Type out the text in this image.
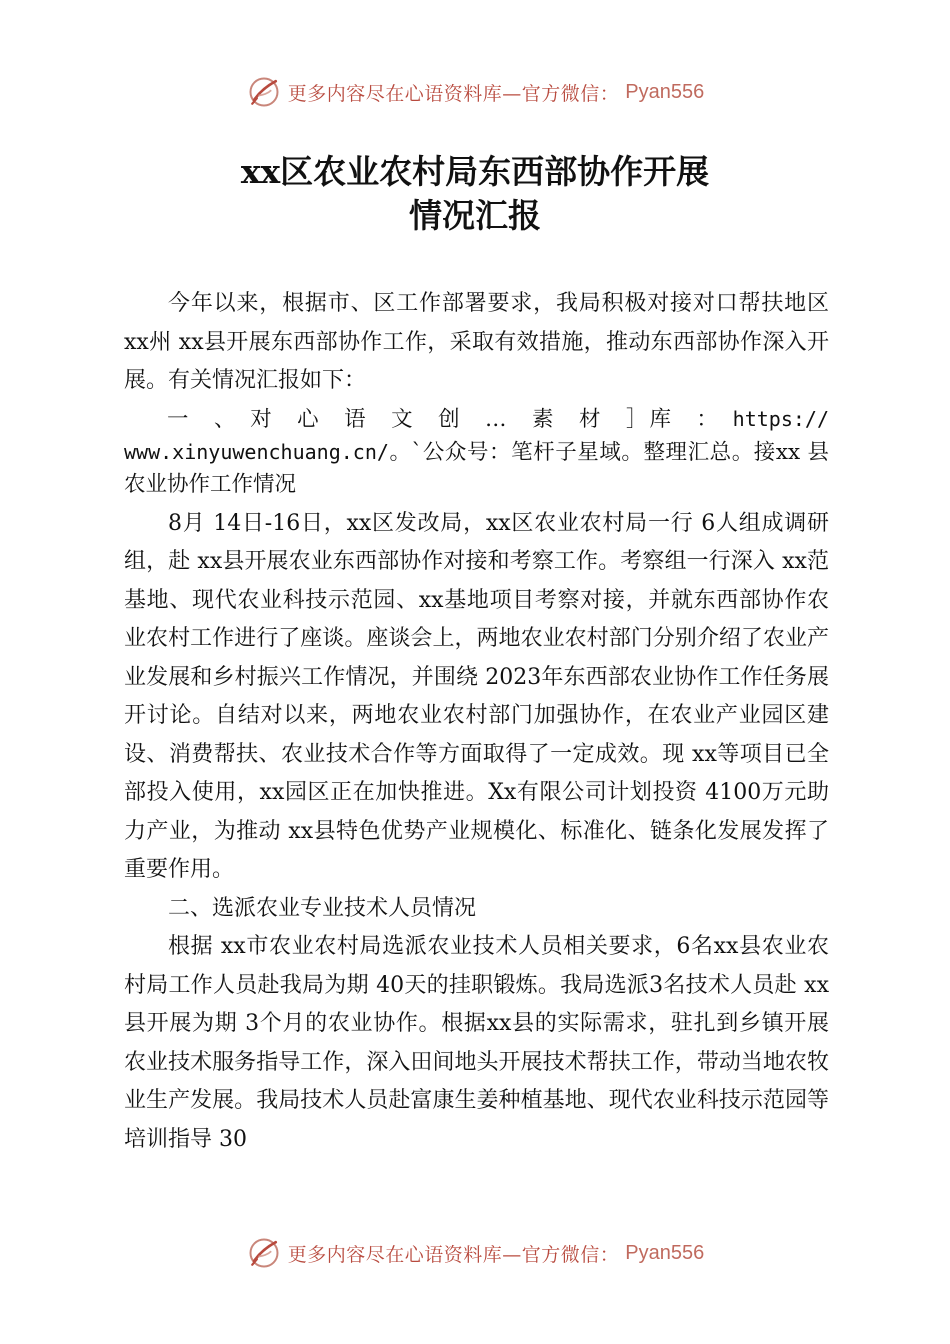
更多内容尽在心语资料库—官方微信： Pyan556
xx区农业农村局东西部协作开展
情况汇报

今年以来，根据市、区工作部署要求，我局积极对接对口帮扶地区 xx州 xx县开展东西部协作工作，采取有效措施，推动东西部协作深入开展。有关情况汇报如下：

一　、　对　心　语　文　创　…　素　材　］库　：　https:// www.xinyuwenchuang.cn/。`公众号：笔杆子星域。整理汇总。接xx 县农业协作工作情况

8月 14日-16日，xx区发改局，xx区农业农村局一行 6人组成调研组，赴 xx县开展农业东西部协作对接和考察工作。考察组一行深入 xx范基地、现代农业科技示范园、xx基地项目考察对接，并就东西部协作农业农村工作进行了座谈。座谈会上，两地农业农村部门分别介绍了农业产业发展和乡村振兴工作情况，并围绕 2023年东西部农业协作工作任务展开讨论。自结对以来，两地农业农村部门加强协作，在农业产业园区建设、消费帮扶、农业技术合作等方面取得了一定成效。现 xx等项目已全部投入使用，xx园区正在加快推进。Xx有限公司计划投资 4100万元助力产业，为推动 xx县特色优势产业规模化、标准化、链条化发展发挥了重要作用。

二、选派农业专业技术人员情况

根据 xx市农业农村局选派农业技术人员相关要求，6名xx县农业农村局工作人员赴我局为期 40天的挂职锻炼。我局选派3名技术人员赴 xx县开展为期 3个月的农业协作。根据xx县的实际需求，驻扎到乡镇开展农业技术服务指导工作，深入田间地头开展技术帮扶工作，带动当地农牧业生产发展。我局技术人员赴富康生姜种植基地、现代农业科技示范园等培训指导 30

更多内容尽在心语资料库—官方微信： Pyan556
